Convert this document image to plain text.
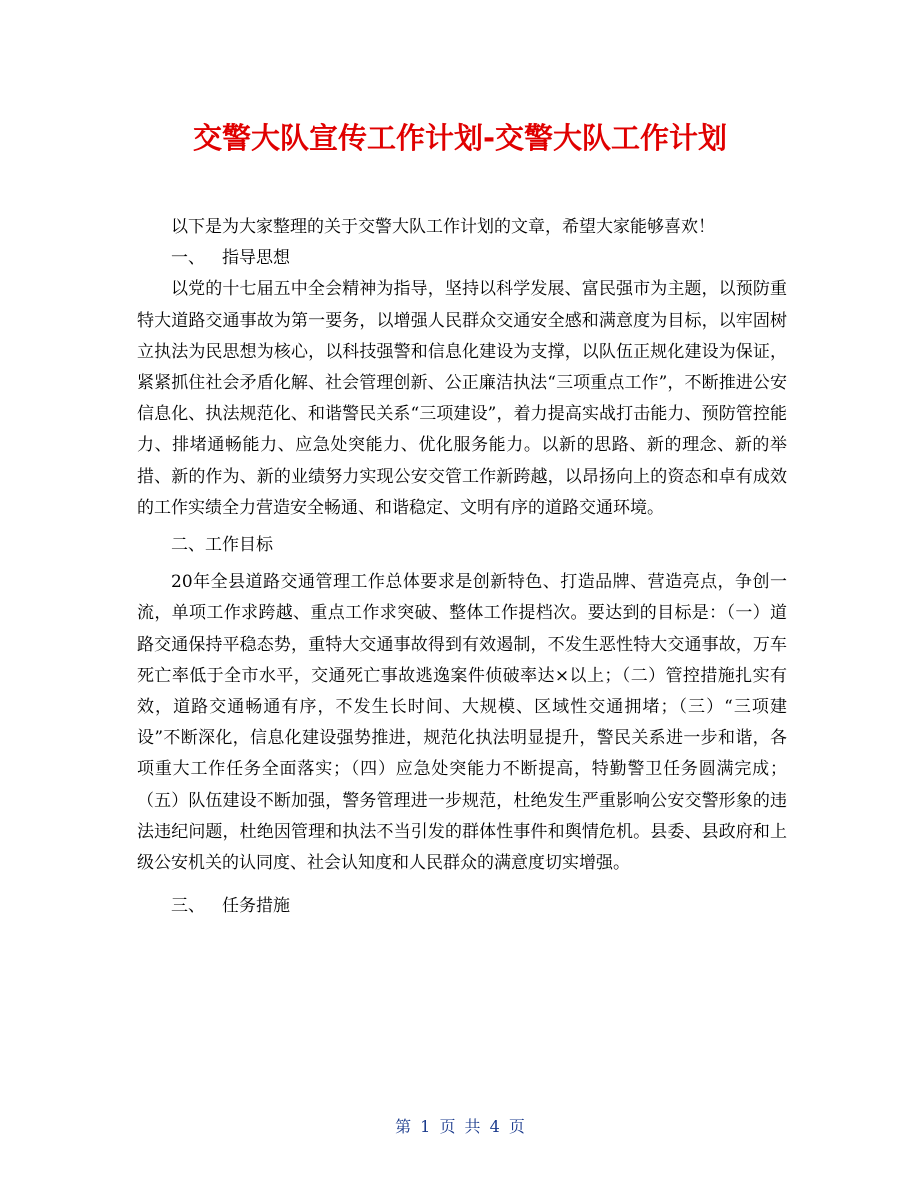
交警大队宣传工作计划-交警大队工作计划

以下是为大家整理的关于交警大队工作计划的文章，希望大家能够喜欢！

一、 指导思想

以党的十七届五中全会精神为指导，坚持以科学发展、富民强市为主题，以预防重特大道路交通事故为第一要务，以增强人民群众交通安全感和满意度为目标，以牢固树立执法为民思想为核心，以科技强警和信息化建设为支撑，以队伍正规化建设为保证，紧紧抓住社会矛盾化解、社会管理创新、公正廉洁执法“三项重点工作”，不断推进公安信息化、执法规范化、和谐警民关系“三项建设”，着力提高实战打击能力、预防管控能力、排堵通畅能力、应急处突能力、优化服务能力。以新的思路、新的理念、新的举措、新的作为、新的业绩努力实现公安交管工作新跨越，以昂扬向上的资态和卓有成效的工作实绩全力营造安全畅通、和谐稳定、文明有序的道路交通环境。

二、工作目标

20年全县道路交通管理工作总体要求是创新特色、打造品牌、营造亮点，争创一流，单项工作求跨越、重点工作求突破、整体工作提档次。要达到的目标是：（一）道路交通保持平稳态势，重特大交通事故得到有效遏制，不发生恶性特大交通事故，万车死亡率低于全市水平，交通死亡事故逃逸案件侦破率达×以上；（二）管控措施扎实有效，道路交通畅通有序，不发生长时间、大规模、区域性交通拥堵；（三）“三项建设”不断深化，信息化建设强势推进，规范化执法明显提升，警民关系进一步和谐，各项重大工作任务全面落实；（四）应急处突能力不断提高，特勤警卫任务圆满完成；（五）队伍建设不断加强，警务管理进一步规范，杜绝发生严重影响公安交警形象的违法违纪问题，杜绝因管理和执法不当引发的群体性事件和舆情危机。县委、县政府和上级公安机关的认同度、社会认知度和人民群众的满意度切实增强。

三、 任务措施
第 1 页 共 4 页
